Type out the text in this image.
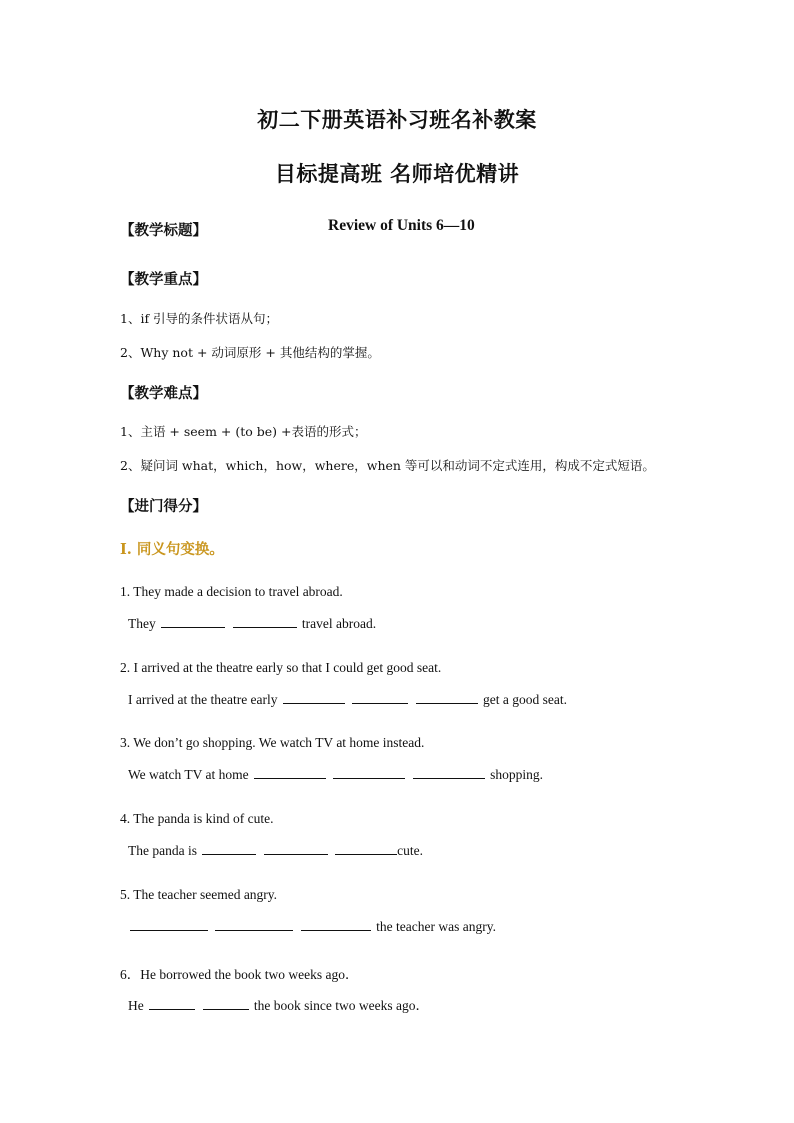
初二下册英语补习班名补教案
目标提高班 名师培优精讲
【教学标题】	Review of Units 6—10
【教学重点】
1、if 引导的条件状语从句；
2、Why not + 动词原形 + 其他结构的掌握。
【教学难点】
1、主语 + seem + (to be) +表语的形式；
2、疑问词 what，which，how，where，when 等可以和动词不定式连用，构成不定式短语。
【进门得分】
I. 同义句变换。
1. They made a decision to travel abroad.
They	travel abroad.
2. I arrived at the theatre early so that I could get good seat.
I arrived at the theatre early	get a good seat.
3. We don’t go shopping. We watch TV at home instead.
We watch TV at home	shopping.
4. The panda is kind of cute.
The panda is	cute.
5. The teacher seemed angry.
the teacher was angry.
6．He borrowed the book two weeks ago．
He	the book since two weeks ago．
